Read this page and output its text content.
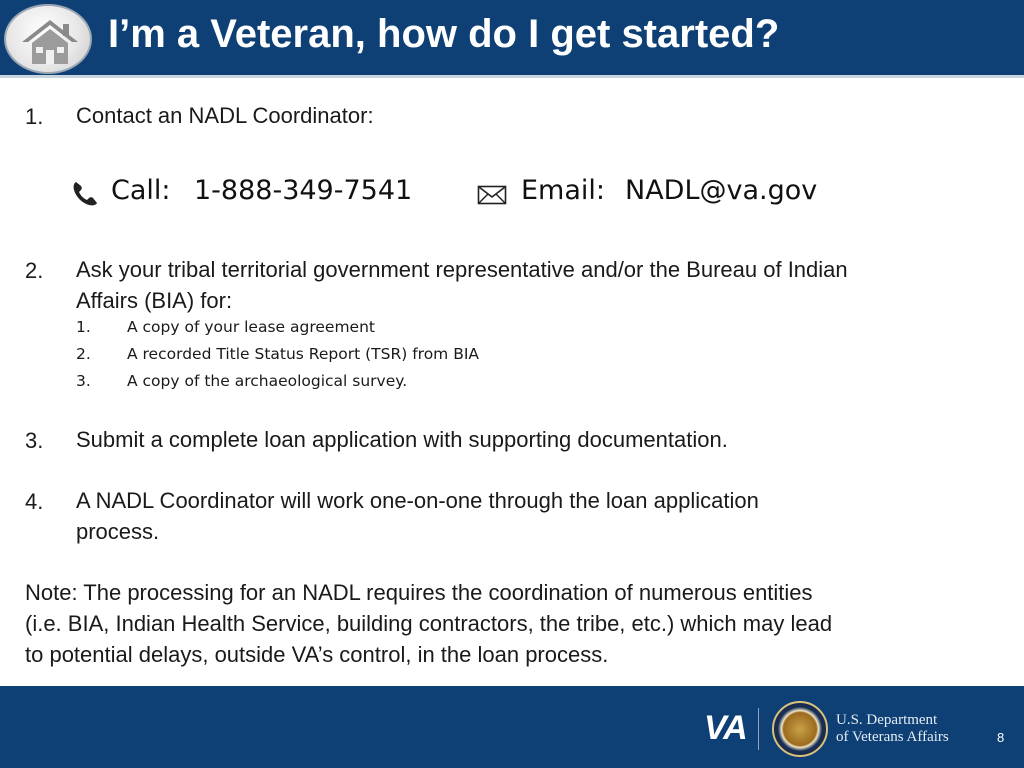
I’m a Veteran, how do I get started?
1. Contact an NADL Coordinator:
Call: 1-888-349-7541	Email: NADL@va.gov
2. Ask your tribal territorial government representative and/or the Bureau of Indian
Affairs (BIA) for:
1. A copy of your lease agreement
2. A recorded Title Status Report (TSR) from BIA
3. A copy of the archaeological survey.
3. Submit a complete loan application with supporting documentation.
4. A NADL Coordinator will work one-on-one through the loan application
process.
Note: The processing for an NADL requires the coordination of numerous entities
(i.e. BIA, Indian Health Service, building contractors, the tribe, etc.) which may lead
to potential delays, outside VA’s control, in the loan process.
VA	U.S. Department
of Veterans Affairs	8
